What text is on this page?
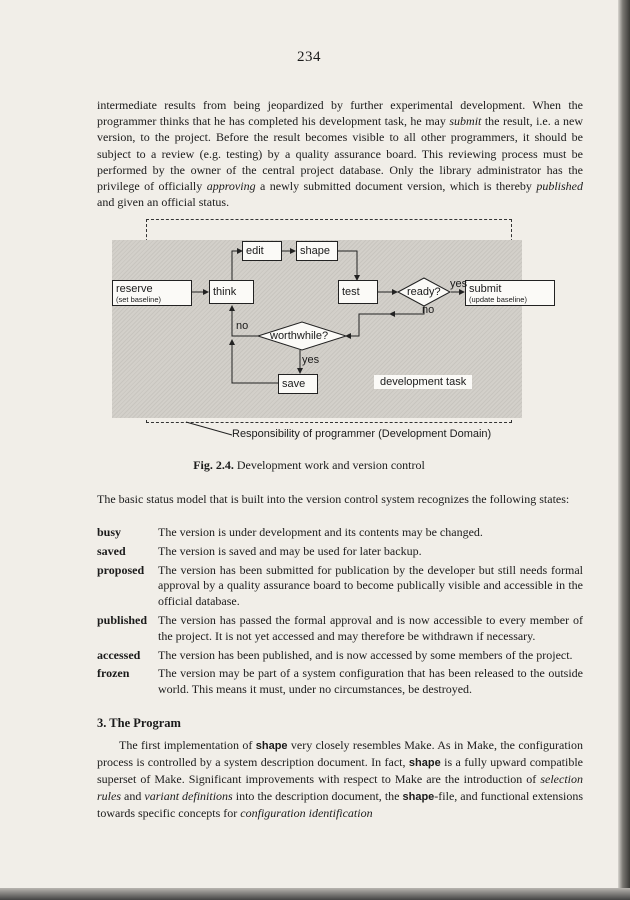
234

intermediate results from being jeopardized by further experimental development. When the programmer thinks that he has completed his development task, he may submit the result, i.e. a new version, to the project. Before the result becomes visible to all other programmers, it should be subject to a review (e.g. testing) by a quality assurance board. This reviewing process must be performed by the owner of the central project database. Only the library administrator has the privilege of officially approving a newly submitted document version, which is thereby published and given an official status.

reserve
(set baseline)
think
edit	shape
test	ready?	submit
(update baseline)
worthwhile?
save
yes
no
no
yes
development task
Responsibility of programmer (Development Domain)
Fig. 2.4. Development work and version control

The basic status model that is built into the version control system recognizes the following states:

busy	The version is under development and its contents may be changed.
saved	The version is saved and may be used for later backup.
proposed	The version has been submitted for publication by the developer but still needs formal approval by a quality assurance board to become publically visible and accessible in the official database.
published The version has passed the formal approval and is now accessible to every member of the project. It is not yet accessed and may therefore be withdrawn if necessary.
accessed	The version has been published, and is now accessed by some members of the project.
frozen	The version may be part of a system configuration that has been released to the outside world. This means it must, under no circumstances, be destroyed.
3. The Program

The first implementation of shape very closely resembles Make. As in Make, the configuration process is controlled by a system description document. In fact, shape is a fully upward compatible superset of Make. Significant improvements with respect to Make are the introduction of selection rules and variant definitions into the description document, the shape-file, and functional extensions towards specific concepts for configuration identification
